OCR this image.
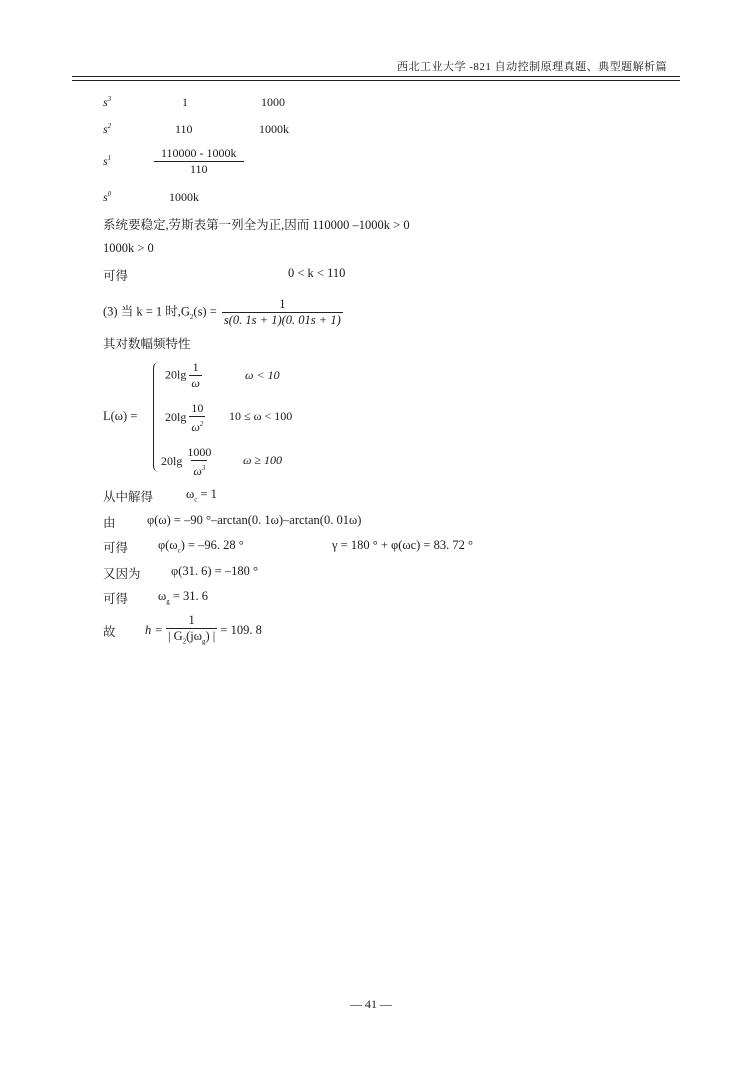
西北工业大学 -821 自动控制原理真题、典型题解析篇
$s^3$	1	1000
$s^2$	110	1000k
$s^1$	$\frac{110000 - 1000k}{110}$
$s^0$	1000k
系统要稳定,劳斯表第一列全为正,因而 110000 –1000k > 0
1000k > 0
可得	0 < k < 110
(3) 当 k = 1 时$,G_2(s) = \frac{1}{s(0. 1s + 1)(0. 01s + 1)}$
其对数幅频特性
L(ω) =
$20\lg \frac{1}{\omega}$	ω < 10
$20\lg \frac{10}{\omega^2} 10 \le \omega < 100$
$20\lg \frac{1000}{\omega^3}$ ω ≥ 100
从中解得	$\omega_c = 1$
由	φ(ω) = –90 °–arctan(0. 1ω)–arctan(0. 01ω)
可得 $\varphi(\omega_c) = -96$. 28 °	γ = 180 ° + φ(ωc) = 83. 72 °
又因为 φ(31. 6) = –180 °
可得 $\omega_g = 31$. 6
故 $h = \frac{1}{| G_2(j\omega_g) |} = 109$. 8
— 41 —
